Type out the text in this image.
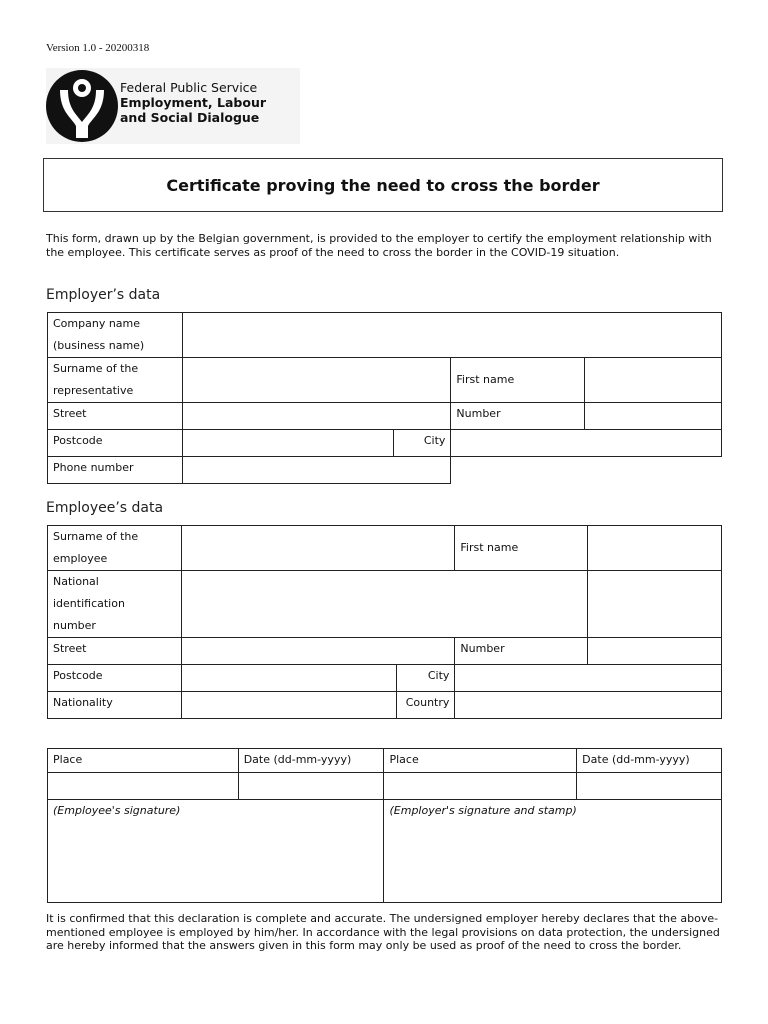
Version 1.0 - 20200318
Federal Public Service
Employment, Labour
and Social Dialogue
Certificate proving the need to cross the border
This form, drawn up by the Belgian government, is provided to the employer to certify the employment relationship with the employee. This certificate serves as proof of the need to cross the border in the COVID-19 situation.
Employer’s data
Company name
(business name)				

Surname of the
representative			First name	
Street			Number	
Postcode		City		
Phone number				
Employee’s data
Surname of the
employee			First name	

National
identification
number				

Street			Number	
Postcode		City		
Nationality		Country		
Place	Date (dd-mm-yyyy)	Place	Date (dd-mm-yyyy)

(Employee's signature)		(Employer's signature and stamp)	
It is confirmed that this declaration is complete and accurate. The undersigned employer hereby declares that the above-mentioned employee is employed by him/her. In accordance with the legal provisions on data protection, the undersigned are hereby informed that the answers given in this form may only be used as proof of the need to cross the border.
